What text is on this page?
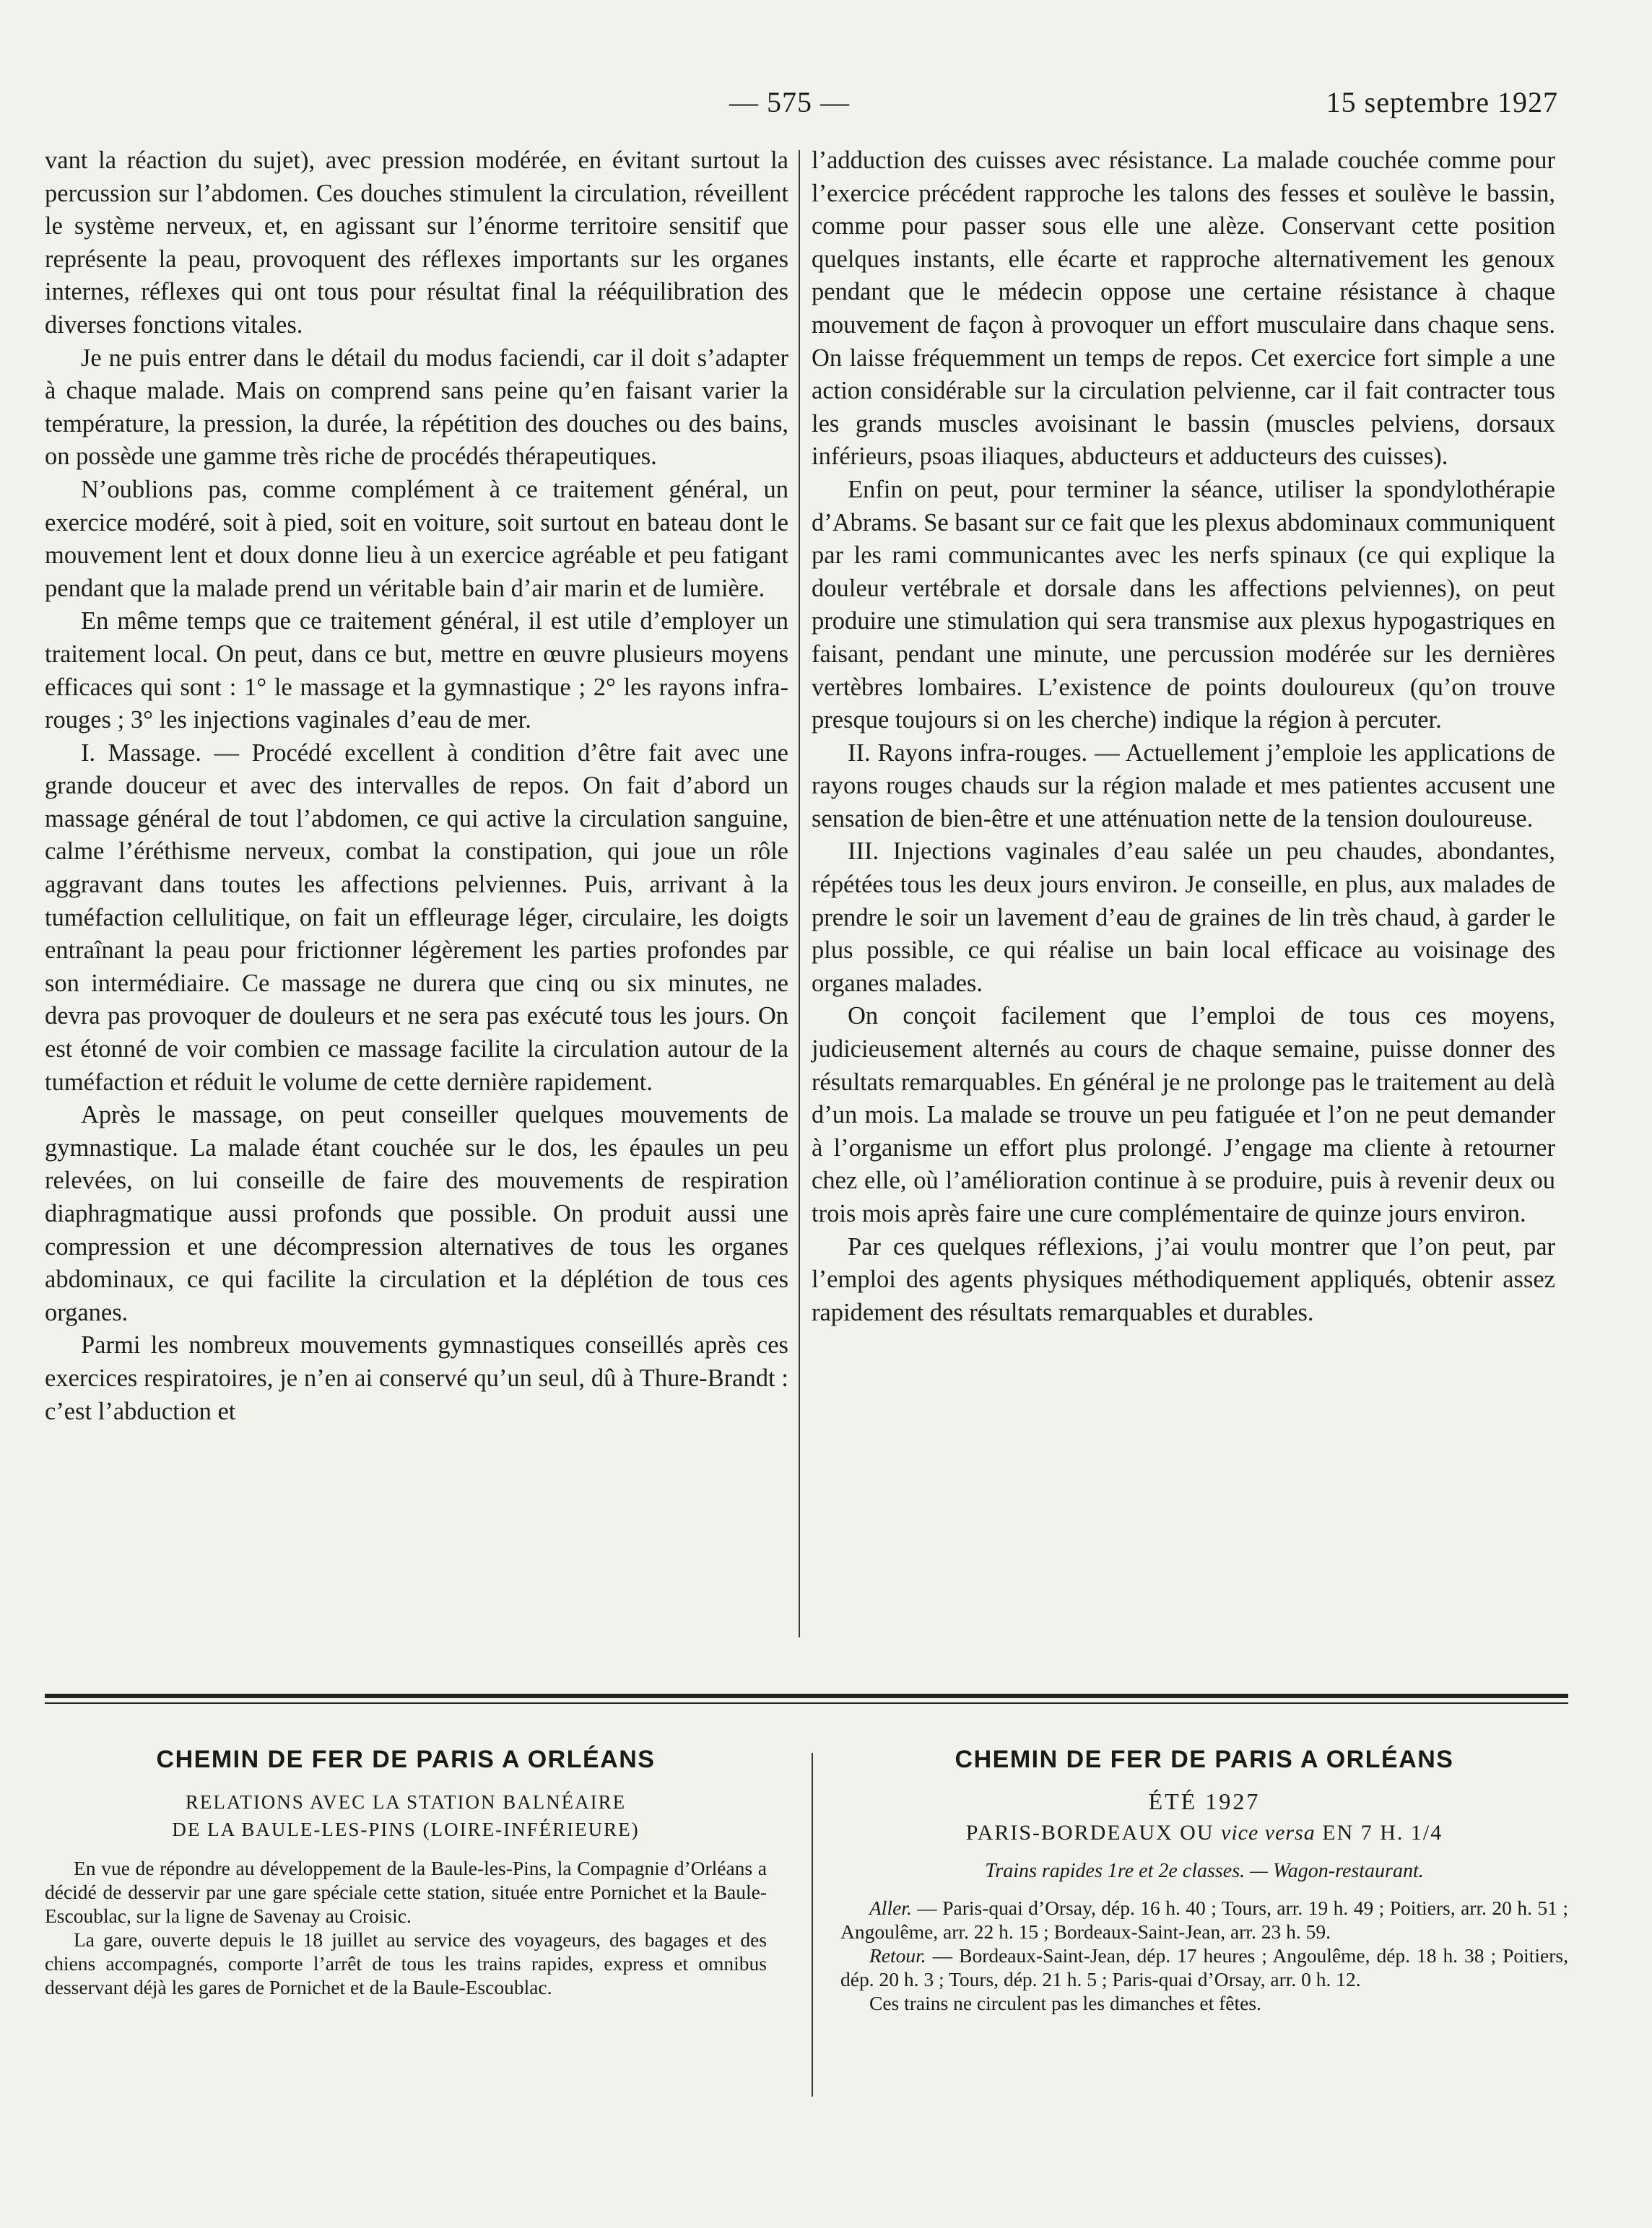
— 575 —	15 septembre 1927

vant la réaction du sujet), avec pression modérée, en évitant surtout la percussion sur l’abdomen. Ces douches stimulent la circulation, réveillent le système nerveux, et, en agissant sur l’énorme territoire sensitif que représente la peau, provoquent des réflexes importants sur les organes internes, réflexes qui ont tous pour résultat final la rééquilibration des diverses fonctions vitales.

Je ne puis entrer dans le détail du modus faciendi, car il doit s’adapter à chaque malade. Mais on comprend sans peine qu’en faisant varier la température, la pression, la durée, la répétition des douches ou des bains, on possède une gamme très riche de procédés thérapeutiques.

N’oublions pas, comme complément à ce traitement général, un exercice modéré, soit à pied, soit en voiture, soit surtout en bateau dont le mouvement lent et doux donne lieu à un exercice agréable et peu fatigant pendant que la malade prend un véritable bain d’air marin et de lumière.

En même temps que ce traitement général, il est utile d’employer un traitement local. On peut, dans ce but, mettre en œuvre plusieurs moyens efficaces qui sont : 1° le massage et la gymnastique ; 2° les rayons infra-rouges ; 3° les injections vaginales d’eau de mer.

I. Massage. — Procédé excellent à condition d’être fait avec une grande douceur et avec des intervalles de repos. On fait d’abord un massage général de tout l’abdomen, ce qui active la circulation sanguine, calme l’éréthisme nerveux, combat la constipation, qui joue un rôle aggravant dans toutes les affections pelviennes. Puis, arrivant à la tuméfaction cellulitique, on fait un effleurage léger, circulaire, les doigts entraînant la peau pour frictionner légèrement les parties profondes par son intermédiaire. Ce massage ne durera que cinq ou six minutes, ne devra pas provoquer de douleurs et ne sera pas exécuté tous les jours. On est étonné de voir combien ce massage facilite la circulation autour de la tuméfaction et réduit le volume de cette dernière rapidement.

Après le massage, on peut conseiller quelques mouvements de gymnastique. La malade étant couchée sur le dos, les épaules un peu relevées, on lui conseille de faire des mouvements de respiration diaphragmatique aussi profonds que possible. On produit aussi une compression et une décompression alternatives de tous les organes abdominaux, ce qui facilite la circulation et la déplétion de tous ces organes.

Parmi les nombreux mouvements gymnastiques conseillés après ces exercices respiratoires, je n’en ai conservé qu’un seul, dû à Thure-Brandt : c’est l’abduction et

l’adduction des cuisses avec résistance. La malade couchée comme pour l’exercice précédent rapproche les talons des fesses et soulève le bassin, comme pour passer sous elle une alèze. Conservant cette position quelques instants, elle écarte et rapproche alternativement les genoux pendant que le médecin oppose une certaine résistance à chaque mouvement de façon à provoquer un effort musculaire dans chaque sens. On laisse fréquemment un temps de repos. Cet exercice fort simple a une action considérable sur la circulation pelvienne, car il fait contracter tous les grands muscles avoisinant le bassin (muscles pelviens, dorsaux inférieurs, psoas iliaques, abducteurs et adducteurs des cuisses).

Enfin on peut, pour terminer la séance, utiliser la spondylothérapie d’Abrams. Se basant sur ce fait que les plexus abdominaux communiquent par les rami communicantes avec les nerfs spinaux (ce qui explique la douleur vertébrale et dorsale dans les affections pelviennes), on peut produire une stimulation qui sera transmise aux plexus hypogastriques en faisant, pendant une minute, une percussion modérée sur les dernières vertèbres lombaires. L’existence de points douloureux (qu’on trouve presque toujours si on les cherche) indique la région à percuter.

II. Rayons infra-rouges. — Actuellement j’emploie les applications de rayons rouges chauds sur la région malade et mes patientes accusent une sensation de bien-être et une atténuation nette de la tension douloureuse.

III. Injections vaginales d’eau salée un peu chaudes, abondantes, répétées tous les deux jours environ. Je conseille, en plus, aux malades de prendre le soir un lavement d’eau de graines de lin très chaud, à garder le plus possible, ce qui réalise un bain local efficace au voisinage des organes malades.

On conçoit facilement que l’emploi de tous ces moyens, judicieusement alternés au cours de chaque semaine, puisse donner des résultats remarquables. En général je ne prolonge pas le traitement au delà d’un mois. La malade se trouve un peu fatiguée et l’on ne peut demander à l’organisme un effort plus prolongé. J’engage ma cliente à retourner chez elle, où l’amélioration continue à se produire, puis à revenir deux ou trois mois après faire une cure complémentaire de quinze jours environ.

Par ces quelques réflexions, j’ai voulu montrer que l’on peut, par l’emploi des agents physiques méthodiquement appliqués, obtenir assez rapidement des résultats remarquables et durables.

CHEMIN DE FER DE PARIS A ORLÉANS

RELATIONS AVEC LA STATION BALNÉAIRE
DE LA BAULE-LES-PINS (LOIRE-INFÉRIEURE)

En vue de répondre au développement de la Baule-les-Pins, la Compagnie d’Orléans a décidé de desservir par une gare spéciale cette station, située entre Pornichet et la Baule-Escoublac, sur la ligne de Savenay au Croisic.

La gare, ouverte depuis le 18 juillet au service des voyageurs, des bagages et des chiens accompagnés, comporte l’arrêt de tous les trains rapides, express et omnibus desservant déjà les gares de Pornichet et de la Baule-Escoublac.

CHEMIN DE FER DE PARIS A ORLÉANS

ÉTÉ 1927

PARIS-BORDEAUX OU vice versa EN 7 H. 1/4

Trains rapides 1re et 2e classes. — Wagon-restaurant.

Aller. — Paris-quai d’Orsay, dép. 16 h. 40 ; Tours, arr. 19 h. 49 ; Poitiers, arr. 20 h. 51 ; Angoulême, arr. 22 h. 15 ; Bordeaux-Saint-Jean, arr. 23 h. 59.

Retour. — Bordeaux-Saint-Jean, dép. 17 heures ; Angoulême, dép. 18 h. 38 ; Poitiers, dép. 20 h. 3 ; Tours, dép. 21 h. 5 ; Paris-quai d’Orsay, arr. 0 h. 12.

Ces trains ne circulent pas les dimanches et fêtes.
